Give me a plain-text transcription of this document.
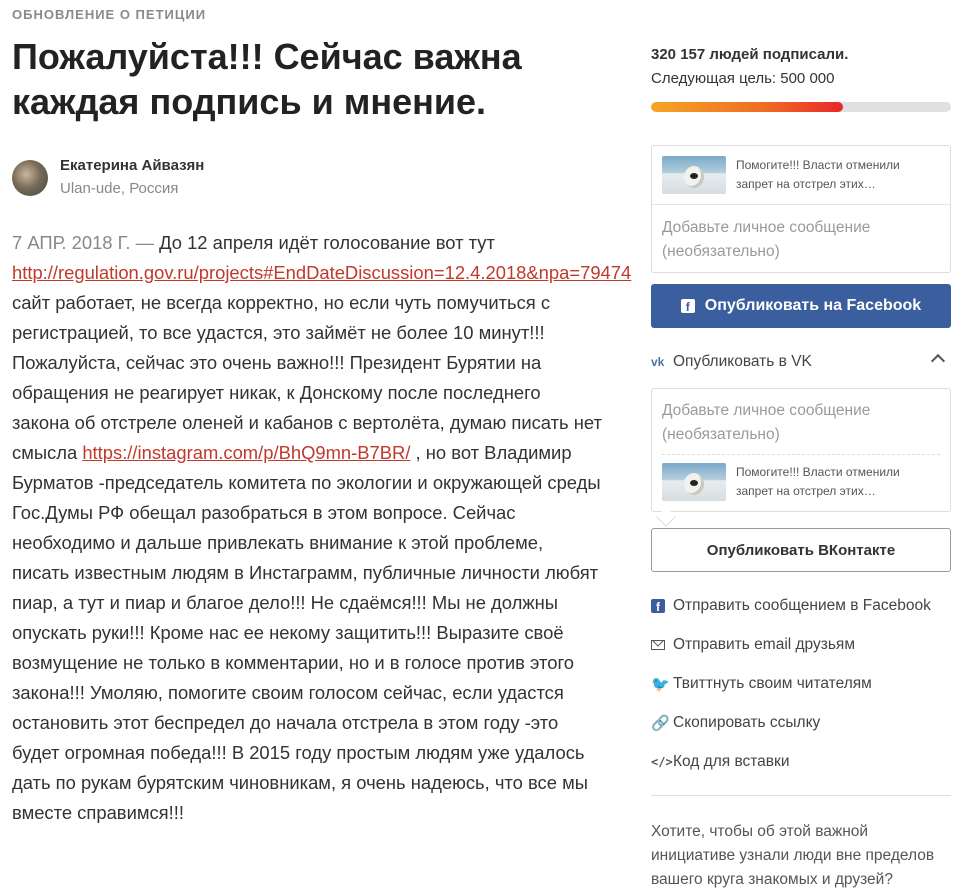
ОБНОВЛЕНИЕ О ПЕТИЦИИ
Пожалуйста!!! Сейчас важна каждая подпись и мнение.
Екатерина Айвазян
Ulan-ude, Россия
7 АПР. 2018 Г. — До 12 апреля идёт голосование вот тут http://regulation.gov.ru/projects#EndDateDiscussion=12.4.2018&npa=79474 сайт работает, не всегда корректно, но если чуть помучиться с регистрацией, то все удастся, это займёт не более 10 минут!!! Пожалуйста, сейчас это очень важно!!! Президент Бурятии на обращения не реагирует никак, к Донскому после последнего закона об отстреле оленей и кабанов с вертолёта, думаю писать нет смысла https://instagram.com/p/BhQ9mn-B7BR/ , но вот Владимир Бурматов -председатель комитета по экологии и окружающей среды Гос.Думы РФ обещал разобраться в этом вопросе. Сейчас необходимо и дальше привлекать внимание к этой проблеме, писать известным людям в Инстаграмм, публичные личности любят пиар, а тут и пиар и благое дело!!! Не сдаёмся!!! Мы не должны опускать руки!!! Кроме нас ее некому защитить!!! Выразите своё возмущение не только в комментарии, но и в голосе против этого закона!!! Умоляю, помогите своим голосом сейчас, если удастся остановить этот беспредел до начала отстрела в этом году -это будет огромная победа!!! В 2015 году простым людям уже удалось дать по рукам бурятским чиновникам, я очень надеюсь, что все мы вместе справимся!!!
320 157 людей подписали.
Следующая цель: 500 000
Помогите!!! Власти отменили запрет на отстрел этих…
Добавьте личное сообщение (необязательно)
f Опубликовать на Facebook
vk Опубликовать в VK
Добавьте личное сообщение (необязательно)
Помогите!!! Власти отменили запрет на отстрел этих…
Опубликовать ВКонтакте
f Отправить сообщением в Facebook
Отправить email друзьям
🐦 Твиттнуть своим читателям
🔗 Скопировать ссылку
</> Код для вставки
Хотите, чтобы об этой важной инициативе узнали люди вне пределов вашего круга знакомых и друзей?
